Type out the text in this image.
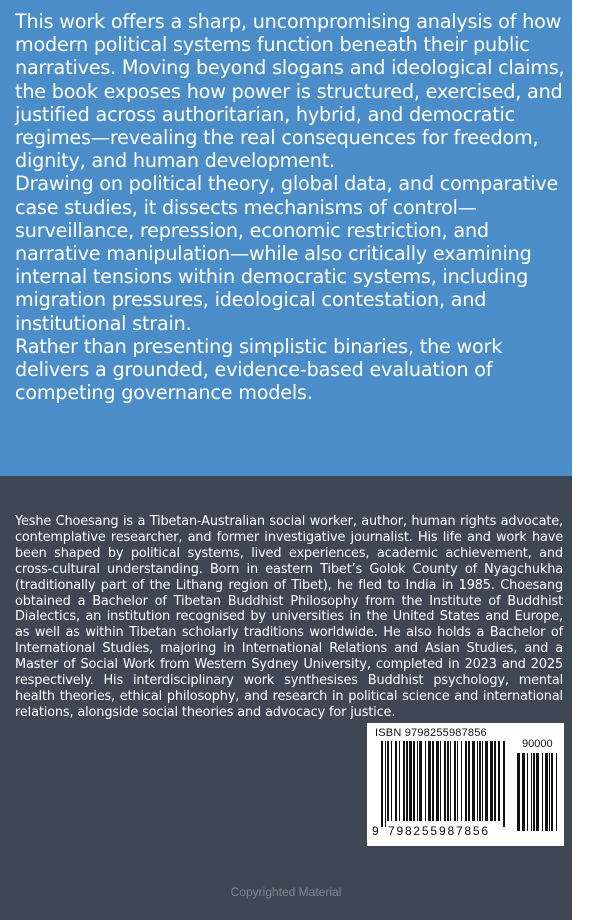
This work offers a sharp, uncompromising analysis of how modern political systems function beneath their public narratives. Moving beyond slogans and ideological claims, the book exposes how power is structured, exercised, and justified across authoritarian, hybrid, and democratic regimes—revealing the real consequences for freedom, dignity, and human development.

Drawing on political theory, global data, and comparative case studies, it dissects mechanisms of control—surveillance, repression, economic restriction, and narrative manipulation—while also critically examining internal tensions within democratic systems, including migration pressures, ideological contestation, and institutional strain.

Rather than presenting simplistic binaries, the work delivers a grounded, evidence-based evaluation of competing governance models.

Yeshe Choesang is a Tibetan-Australian social worker, author, human rights advocate, contemplative researcher, and former investigative journalist. His life and work have been shaped by political systems, lived experiences, academic achievement, and cross-cultural understanding. Born in eastern Tibet’s Golok County of Nyagchukha (traditionally part of the Lithang region of Tibet), he fled to India in 1985. Choesang obtained a Bachelor of Tibetan Buddhist Philosophy from the Institute of Buddhist Dialectics, an institution recognised by universities in the United States and Europe, as well as within Tibetan scholarly traditions worldwide. He also holds a Bachelor of International Studies, majoring in International Relations and Asian Studies, and a Master of Social Work from Western Sydney University, completed in 2023 and 2025 respectively. His interdisciplinary work synthesises Buddhist psychology, mental health theories, ethical philosophy, and research in political science and international relations, alongside social theories and advocacy for justice.
ISBN 9798255987856
90000
9 798255 987856
Copyrighted Material
